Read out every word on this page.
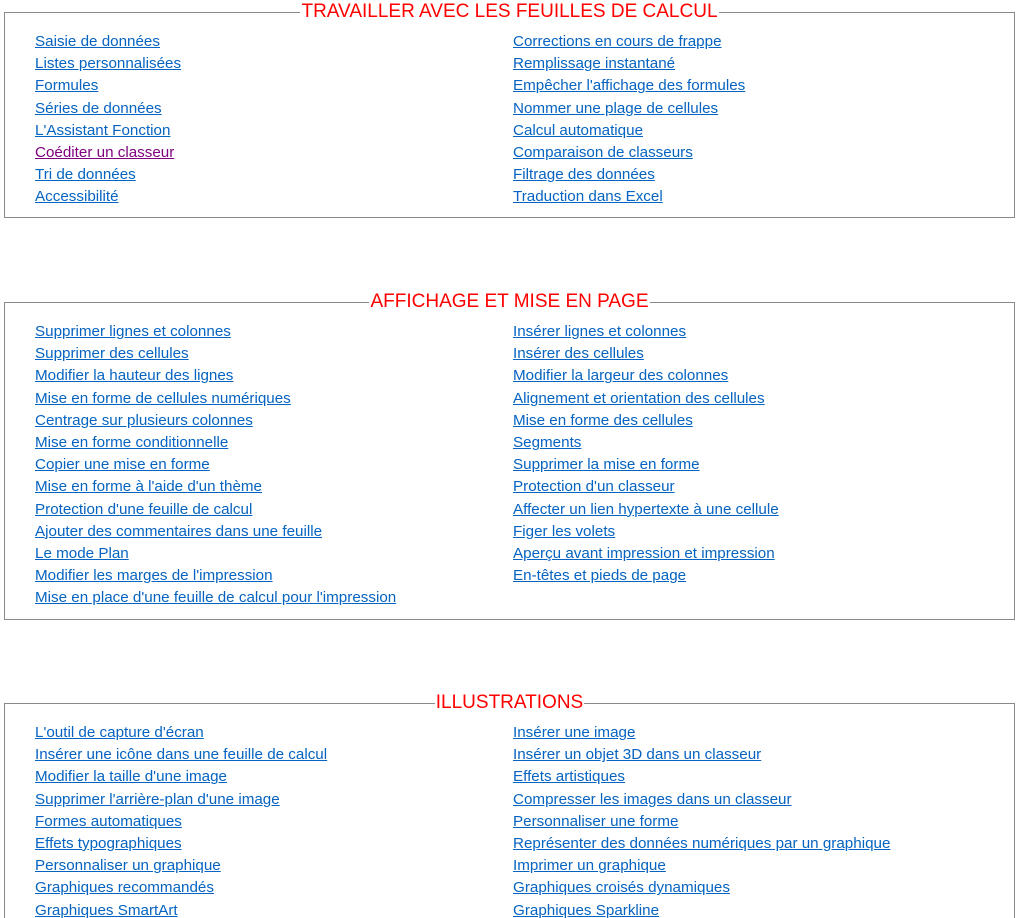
TRAVAILLER AVEC LES FEUILLES DE CALCUL
Saisie de données
Listes personnalisées
Formules
Séries de données
L'Assistant Fonction
Coéditer un classeur
Tri de données
Accessibilité
Corrections en cours de frappe
Remplissage instantané
Empêcher l'affichage des formules
Nommer une plage de cellules
Calcul automatique
Comparaison de classeurs
Filtrage des données
Traduction dans Excel
AFFICHAGE ET MISE EN PAGE
Supprimer lignes et colonnes
Supprimer des cellules
Modifier la hauteur des lignes
Mise en forme de cellules numériques
Centrage sur plusieurs colonnes
Mise en forme conditionnelle
Copier une mise en forme
Mise en forme à l'aide d'un thème
Protection d'une feuille de calcul
Ajouter des commentaires dans une feuille
Le mode Plan
Modifier les marges de l'impression
Mise en place d'une feuille de calcul pour l'impression
Insérer lignes et colonnes
Insérer des cellules
Modifier la largeur des colonnes
Alignement et orientation des cellules
Mise en forme des cellules
Segments
Supprimer la mise en forme
Protection d'un classeur
Affecter un lien hypertexte à une cellule
Figer les volets
Aperçu avant impression et impression
En-têtes et pieds de page
ILLUSTRATIONS
L'outil de capture d'écran
Insérer une icône dans une feuille de calcul
Modifier la taille d'une image
Supprimer l'arrière-plan d'une image
Formes automatiques
Effets typographiques
Personnaliser un graphique
Graphiques recommandés
Graphiques SmartArt
Insérer une image
Insérer un objet 3D dans un classeur
Effets artistiques
Compresser les images dans un classeur
Personnaliser une forme
Représenter des données numériques par un graphique
Imprimer un graphique
Graphiques croisés dynamiques
Graphiques Sparkline
